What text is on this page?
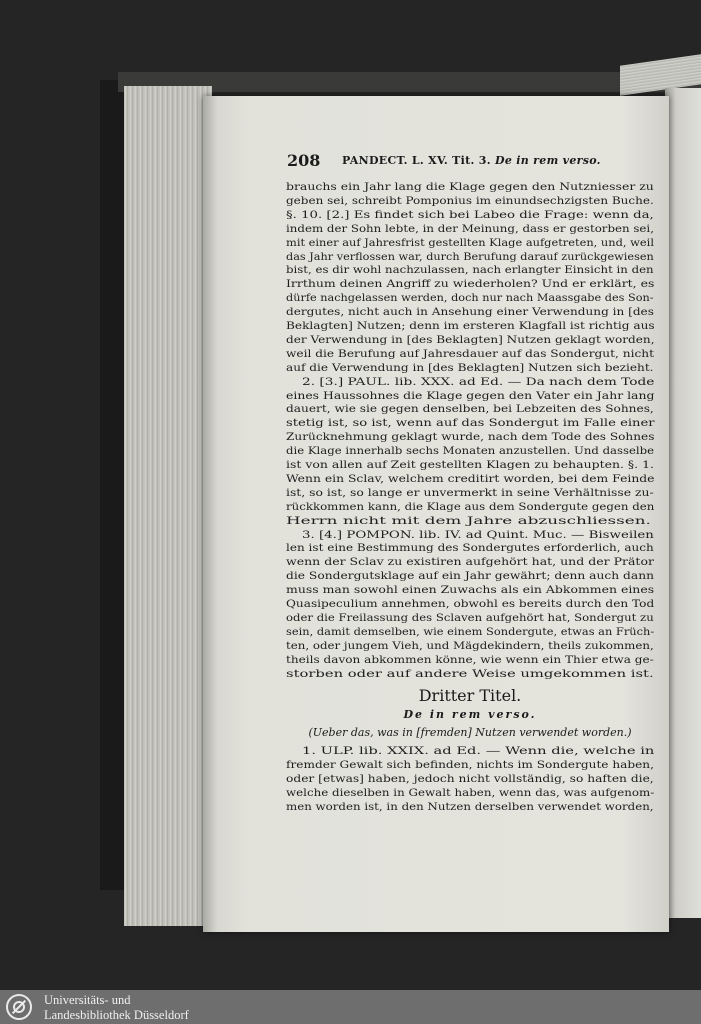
208 PANDECT. L. XV. Tit. 3. De in rem verso.
brauchs ein Jahr lang die Klage gegen den Nutzniesser zu
geben sei, schreibt Pomponius im einundsechzigsten Buche.
§. 10. [2.] Es findet sich bei Labeo die Frage: wenn da,
indem der Sohn lebte, in der Meinung, dass er gestorben sei,
mit einer auf Jahresfrist gestellten Klage aufgetreten, und, weil
das Jahr verflossen war, durch Berufung darauf zurückgewiesen
bist, es dir wohl nachzulassen, nach erlangter Einsicht in den
Irrthum deinen Angriff zu wiederholen? Und er erklärt, es
dürfe nachgelassen werden, doch nur nach Maassgabe des Son-
dergutes, nicht auch in Ansehung einer Verwendung in [des
Beklagten] Nutzen; denn im ersteren Klagfall ist richtig aus
der Verwendung in [des Beklagten] Nutzen geklagt worden,
weil die Berufung auf Jahresdauer auf das Sondergut, nicht
auf die Verwendung in [des Beklagten] Nutzen sich bezieht.
2. [3.] PAUL. lib. XXX. ad Ed. — Da nach dem Tode
eines Haussohnes die Klage gegen den Vater ein Jahr lang
dauert, wie sie gegen denselben, bei Lebzeiten des Sohnes,
stetig ist, so ist, wenn auf das Sondergut im Falle einer
Zurücknehmung geklagt wurde, nach dem Tode des Sohnes
die Klage innerhalb sechs Monaten anzustellen. Und dasselbe
ist von allen auf Zeit gestellten Klagen zu behaupten. §. 1.
Wenn ein Sclav, welchem creditirt worden, bei dem Feinde
ist, so ist, so lange er unvermerkt in seine Verhältnisse zu-
rückkommen kann, die Klage aus dem Sondergute gegen den
Herrn nicht mit dem Jahre abzuschliessen.
3. [4.] POMPON. lib. IV. ad Quint. Muc. — Bisweilen
len ist eine Bestimmung des Sondergutes erforderlich, auch
wenn der Sclav zu existiren aufgehört hat, und der Prätor
die Sondergutsklage auf ein Jahr gewährt; denn auch dann
muss man sowohl einen Zuwachs als ein Abkommen eines
Quasipeculium annehmen, obwohl es bereits durch den Tod
oder die Freilassung des Sclaven aufgehört hat, Sondergut zu
sein, damit demselben, wie einem Sondergute, etwas an Früch-
ten, oder jungem Vieh, und Mägdekindern, theils zukommen,
theils davon abkommen könne, wie wenn ein Thier etwa ge-
storben oder auf andere Weise umgekommen ist.
Dritter Titel.
De in rem verso.
(Ueber das, was in [fremden] Nutzen verwendet worden.)
1. ULP. lib. XXIX. ad Ed. — Wenn die, welche in
fremder Gewalt sich befinden, nichts im Sondergute haben,
oder [etwas] haben, jedoch nicht vollständig, so haften die,
welche dieselben in Gewalt haben, wenn das, was aufgenom-
men worden ist, in den Nutzen derselben verwendet worden,
Universitäts- und
Landesbibliothek Düsseldorf
